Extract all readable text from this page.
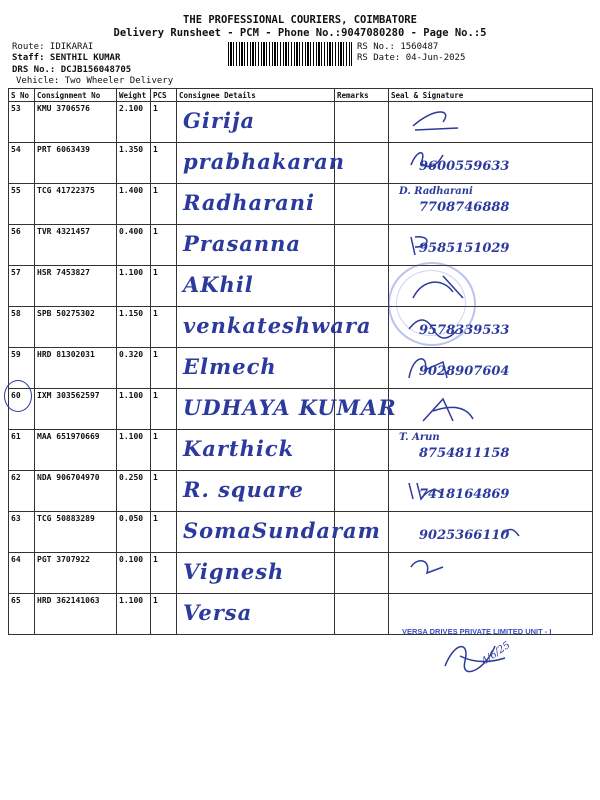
THE PROFESSIONAL COURIERS, COIMBATORE
Delivery Runsheet - PCM - Phone No.:9047080280 - Page No.:5
Route: IDIKARAI
Staff: SENTHIL KUMAR
DRS No.: DCJB156048705
Vehicle: Two Wheeler Delivery
RS No.: 1560487
RS Date: 04-Jun-2025
S No	Consignment No	Weight	PCS	Consignee Details	Remarks	Seal & Signature
53	KMU 3706576	2.100	1	Girija

54	PRT 6063439	1.350	1	prabhakaran		9600559633

55	TCG 41722375	1.400	1	Radharani		D. Radharani
7708746888

56	TVR 4321457	0.400	1	Prasanna		9585151029

57	HSR 7453827	1.100	1	AKhil

58	SPB 50275302	1.150	1	venkateshwara		9578339533

59	HRD 81302031	0.320	1	Elmech		9028907604

60	IXM 303562597	1.100	1	UDHAYA KUMAR

61	MAA 651970669	1.100	1	Karthick		T. Arun
8754811158

62	NDA 906704970	0.250	1	R. square		7418164869

63	TCG 50883289	0.050	1	SomaSundaram		9025366110

64	PGT 3707922	0.100	1	Vignesh

65	HRD 362141063	1.100	1	Versa		

VERSA DRIVES PRIVATE LIMITED UNIT - I
4/6/25
